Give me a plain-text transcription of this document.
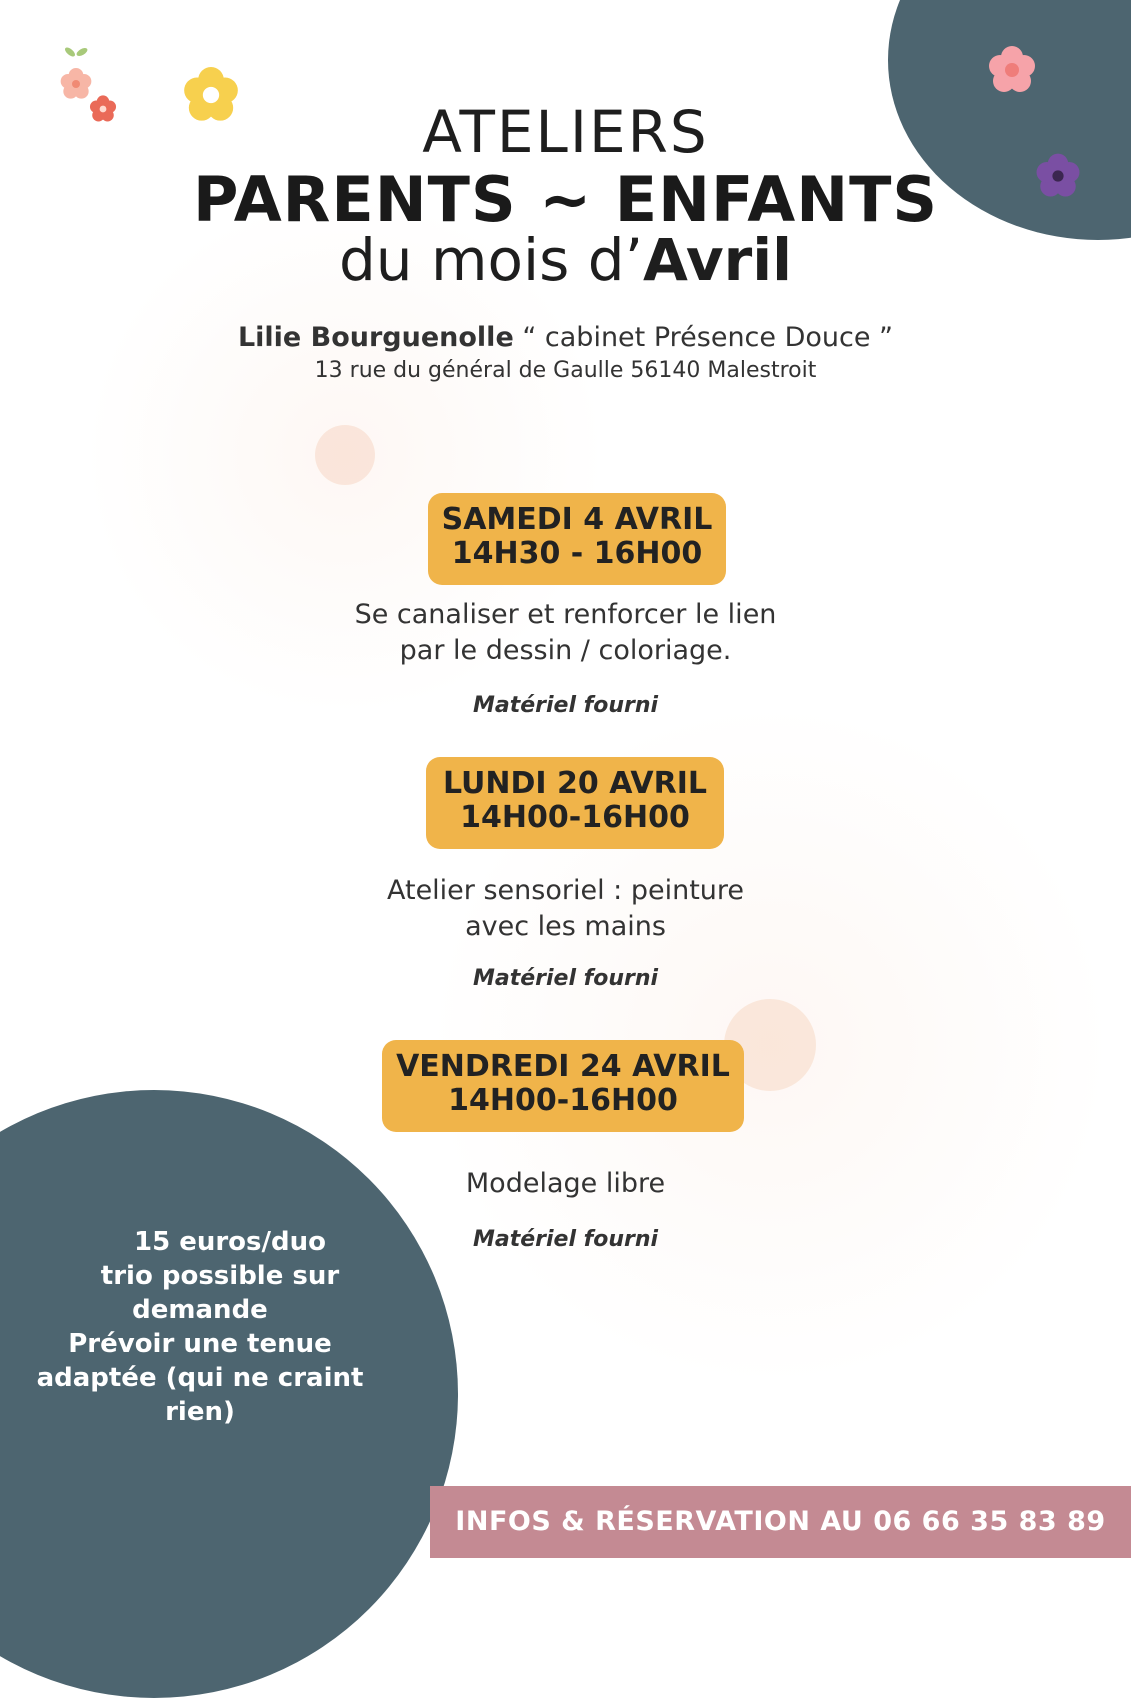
ATELIERS
PARENTS ~ ENFANTS
du mois d’Avril
Lilie Bourguenolle “ cabinet Présence Douce ”
13 rue du général de Gaulle 56140 Malestroit
SAMEDI 4 AVRIL
14H30 - 16H00
Se canaliser et renforcer le lien
par le dessin / coloriage.
Matériel fourni
LUNDI 20 AVRIL
14H00-16H00
Atelier sensoriel : peinture
avec les mains
Matériel fourni
VENDREDI 24 AVRIL
14H00-16H00
Modelage libre
Matériel fourni
15 euros/duo
trio possible sur
demande
Prévoir une tenue
adaptée (qui ne craint
rien)
INFOS & RÉSERVATION AU 06 66 35 83 89
